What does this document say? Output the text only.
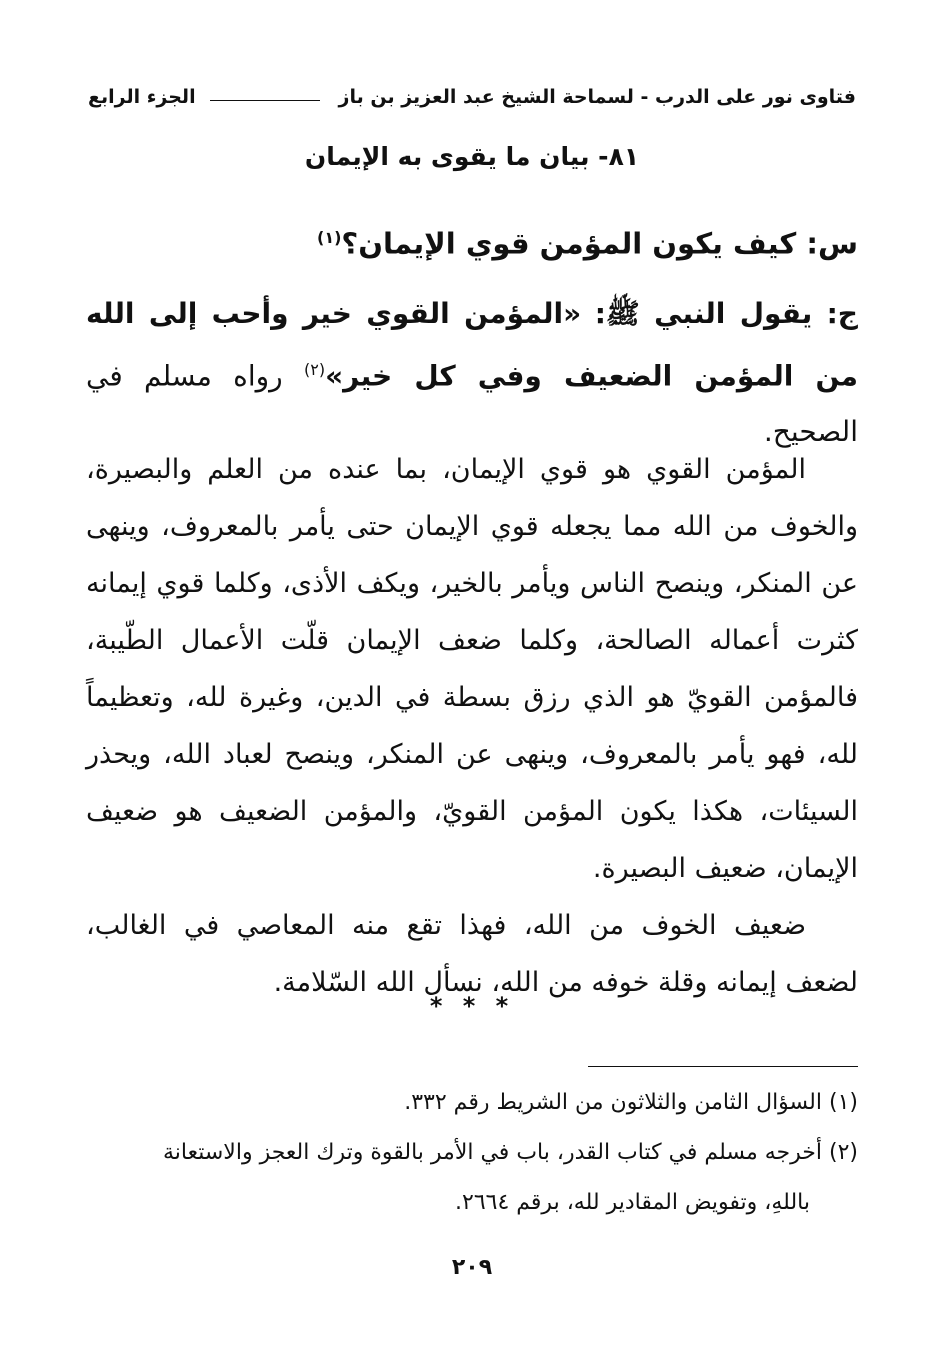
فتاوى نور على الدرب - لسماحة الشيخ عبد العزيز بن باز
الجزء الرابع
٨١- بيان ما يقوى به الإيمان
س: كيف يكون المؤمن قوي الإيمان؟$^{(١)}$
ج: يقول النبي ﷺ: «المؤمن القوي خير وأحب إلى الله من المؤمن الضعيف وفي كل خير»$^{(٢)}$ رواه مسلم في الصحيح.

المؤمن القوي هو قوي الإيمان، بما عنده من العلم والبصيرة، والخوف من الله مما يجعله قوي الإيمان حتى يأمر بالمعروف، وينهى عن المنكر، وينصح الناس ويأمر بالخير، ويكف الأذى، وكلما قوي إيمانه كثرت أعماله الصالحة، وكلما ضعف الإيمان قلّت الأعمال الطّيبة، فالمؤمن القويّ هو الذي رزق بسطة في الدين، وغيرة لله، وتعظيماً لله، فهو يأمر بالمعروف، وينهى عن المنكر، وينصح لعباد الله، ويحذر السيئات، هكذا يكون المؤمن القويّ، والمؤمن الضعيف هو ضعيف الإيمان، ضعيف البصيرة.

ضعيف الخوف من الله، فهذا تقع منه المعاصي في الغالب، لضعف إيمانه وقلة خوفه من الله، نسأل الله السّلامة.

* * *

(١) السؤال الثامن والثلاثون من الشريط رقم ٣٣٢.

(٢) أخرجه مسلم في كتاب القدر، باب في الأمر بالقوة وترك العجز والاستعانة

باللهِ، وتفويض المقادير لله، برقم ٢٦٦٤.

٢٠٩
